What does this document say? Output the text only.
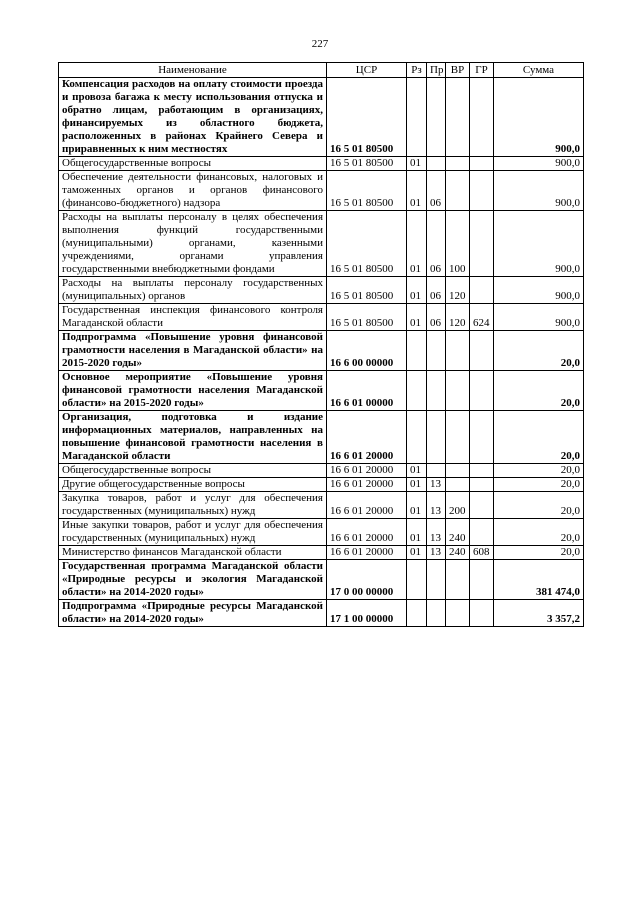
227
Наименование	ЦСР	Рз	Пр	ВР	ГР	Сумма
Компенсация расходов на оплату стоимости проезда и провоза багажа к месту использования отпуска и обратно лицам, работающим в организациях, финансируемых из областного бюджета, расположенных в районах Крайнего Севера и приравненных к ним местностях	16 5 01 80500					900,0
Общегосударственные вопросы	16 5 01 80500	01				900,0
Обеспечение деятельности финансовых, налоговых и таможенных органов и органов финансового (финансово-бюджетного) надзора	16 5 01 80500	01	06			900,0
Расходы на выплаты персоналу в целях обеспечения выполнения функций государственными (муниципальными) органами, казенными учреждениями, органами управления государственными внебюджетными фондами	16 5 01 80500	01	06	100		900,0
Расходы на выплаты персоналу государственных (муниципальных) органов	16 5 01 80500	01	06	120		900,0
Государственная инспекция финансового контроля Магаданской области	16 5 01 80500	01	06	120	624	900,0
Подпрограмма «Повышение уровня финансовой грамотности населения в Магаданской области» на 2015-2020 годы»	16 6 00 00000					20,0
Основное мероприятие «Повышение уровня финансовой грамотности населения Магаданской области» на 2015-2020 годы»	16 6 01 00000					20,0
Организация, подготовка и издание информационных материалов, направленных на повышение финансовой грамотности населения в Магаданской области	16 6 01 20000					20,0
Общегосударственные вопросы	16 6 01 20000	01				20,0
Другие общегосударственные вопросы	16 6 01 20000	01	13			20,0
Закупка товаров, работ и услуг для обеспечения государственных (муниципальных) нужд	16 6 01 20000	01	13	200		20,0
Иные закупки товаров, работ и услуг для обеспечения государственных (муниципальных) нужд	16 6 01 20000	01	13	240		20,0
Министерство финансов Магаданской области	16 6 01 20000	01	13	240	608	20,0
Государственная программа Магаданской области «Природные ресурсы и экология Магаданской области» на 2014-2020 годы»	17 0 00 00000					381 474,0
Подпрограмма «Природные ресурсы Магаданской области» на 2014-2020 годы»	17 1 00 00000					3 357,2
